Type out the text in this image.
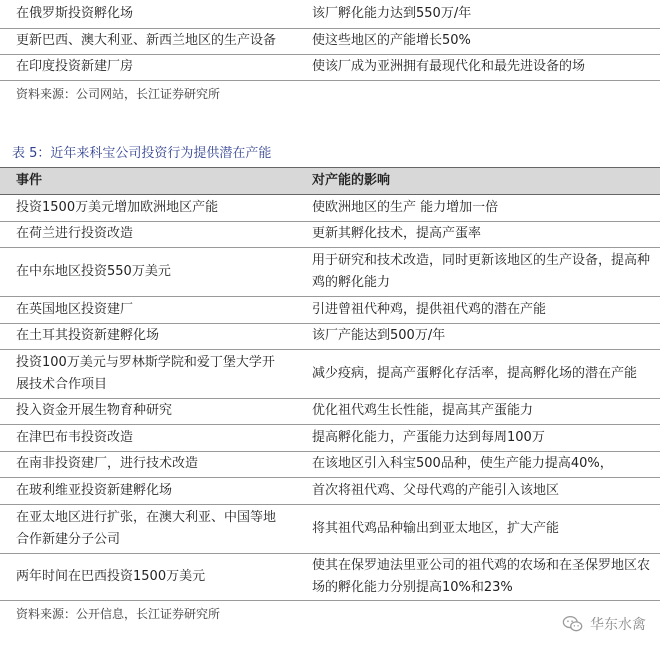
在俄罗斯投资孵化场	该厂孵化能力达到550万/年
更新巴西、澳大利亚、新西兰地区的生产设备	使这些地区的产能增长50%
在印度投资新建厂房	使该厂成为亚洲拥有最现代化和最先进设备的场
资料来源：公司网站，长江证券研究所
表 5：近年来科宝公司投资行为提供潜在产能
事件	对产能的影响
投资1500万美元增加欧洲地区产能	使欧洲地区的生产 能力增加一倍
在荷兰进行投资改造	更新其孵化技术，提高产蛋率
在中东地区投资550万美元	用于研究和技术改造，同时更新该地区的生产设备，提高种鸡的孵化能力
在英国地区投资建厂	引进曾祖代种鸡，提供祖代鸡的潜在产能
在土耳其投资新建孵化场	该厂产能达到500万/年
投资100万美元与罗林斯学院和爱丁堡大学开展技术合作项目	减少疫病，提高产蛋孵化存活率，提高孵化场的潜在产能
投入资金开展生物育种研究	优化祖代鸡生长性能，提高其产蛋能力
在津巴布韦投资改造	提高孵化能力，产蛋能力达到每周100万
在南非投资建厂，进行技术改造	在该地区引入科宝500品种，使生产能力提高40%，
在玻利维亚投资新建孵化场	首次将祖代鸡、父母代鸡的产能引入该地区
在亚太地区进行扩张，在澳大利亚、中国等地合作新建分子公司	将其祖代鸡品种输出到亚太地区，扩大产能
两年时间在巴西投资1500万美元	使其在保罗迪法里亚公司的祖代鸡的农场和在圣保罗地区农场的孵化能力分别提高10%和23%
资料来源：公开信息，长江证券研究所
华东水禽
